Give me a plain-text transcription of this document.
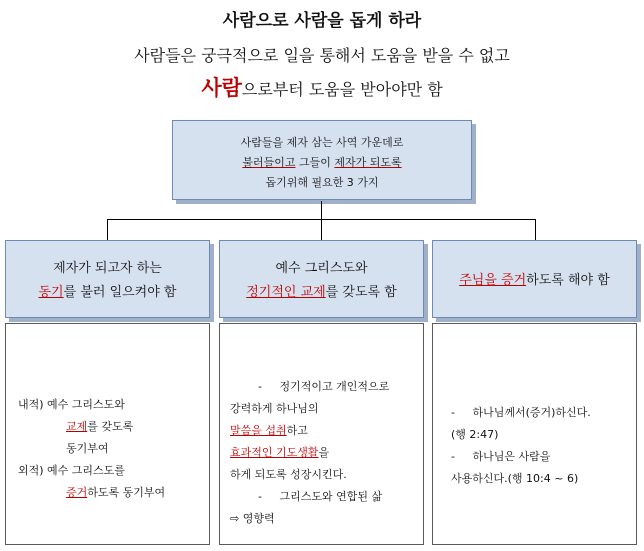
사람으로 사람을 돕게 하라
사람들은 궁극적으로 일을 통해서 도움을 받을 수 없고
사람으로부터 도움을 받아야만 함
사람들을 제자 삼는 사역 가운데로
불러들이고 그들이 제자가 되도록
돕기위해 필요한 3 가지
제자가 되고자 하는
동기를 불러 일으켜야 함
예수 그리스도와
정기적인 교제를 갖도록 함
주님을 증거하도록 해야 함
내적) 예수 그리스도와
교제를 갖도록
동기부여
외적) 예수 그리스도를
증거하도록 동기부여
-     정기적이고 개인적으로
강력하게 하나님의
말씀을 섭취하고
효과적인 기도생활을
하게 되도록 성장시킨다.
-     그리스도와 연합된 삶
⇨ 영향력
-     하나님께서(증거)하신다.
(행 2:47)
-     하나님은 사람을
사용하신다.(행 10:4 ~ 6)
